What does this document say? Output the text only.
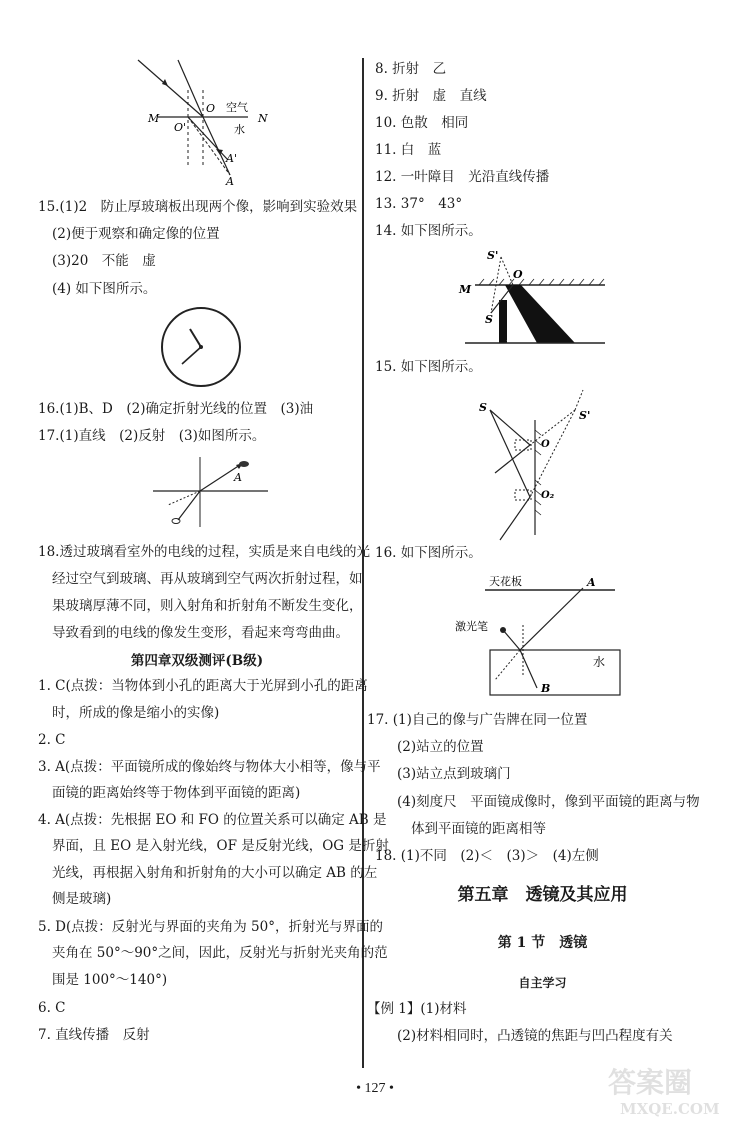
M	N
O
O'
空气
水
A'
A
15.(1)2　防止厚玻璃板出现两个像，影响到实验效果
(2)便于观察和确定像的位置
(3)20　不能　虚
(4) 如下图所示。
16.(1)B、D　(2)确定折射光线的位置　(3)油
17.(1)直线　(2)反射　(3)如图所示。
A
18.透过玻璃看室外的电线的过程，实质是来自电线的光
经过空气到玻璃、再从玻璃到空气两次折射过程，如
果玻璃厚薄不同，则入射角和折射角不断发生变化，
导致看到的电线的像发生变形，看起来弯弯曲曲。
第四章双级测评(B级)
1. C(点拨：当物体到小孔的距离大于光屏到小孔的距离
时，所成的像是缩小的实像)
2. C
3. A(点拨：平面镜所成的像始终与物体大小相等，像与平
面镜的距离始终等于物体到平面镜的距离)
4. A(点拨：先根据 EO 和 FO 的位置关系可以确定 AB 是
界面，且 EO 是入射光线，OF 是反射光线，OG 是折射
光线，再根据入射角和折射角的大小可以确定 AB 的左
侧是玻璃)
5. D(点拨：反射光与界面的夹角为 50°，折射光与界面的
夹角在 50°～90°之间，因此，反射光与折射光夹角的范
围是 100°～140°)
6. C
7. 直线传播　反射
8. 折射　乙
9. 折射　虚　直线
10. 色散　相同
11. 白　蓝
12. 一叶障目　光沿直线传播
13. 37°　43°
14. 如下图所示。
S'
O
M
S
P
15. 如下图所示。
S
S'
O
O₂
16. 如下图所示。
天花板	A
激光笔
水
B
17. (1)自己的像与广告牌在同一位置
(2)站立的位置
(3)站立点到玻璃门
(4)刻度尺　平面镜成像时，像到平面镜的距离与物
体到平面镜的距离相等
18. (1)不同　(2)＜　(3)＞　(4)左侧
第五章　透镜及其应用
第 1 节　透镜
自主学习
【例 1】(1)材料
(2)材料相同时，凸透镜的焦距与凹凸程度有关
• 127 •	答案圈
MXQE.COM
